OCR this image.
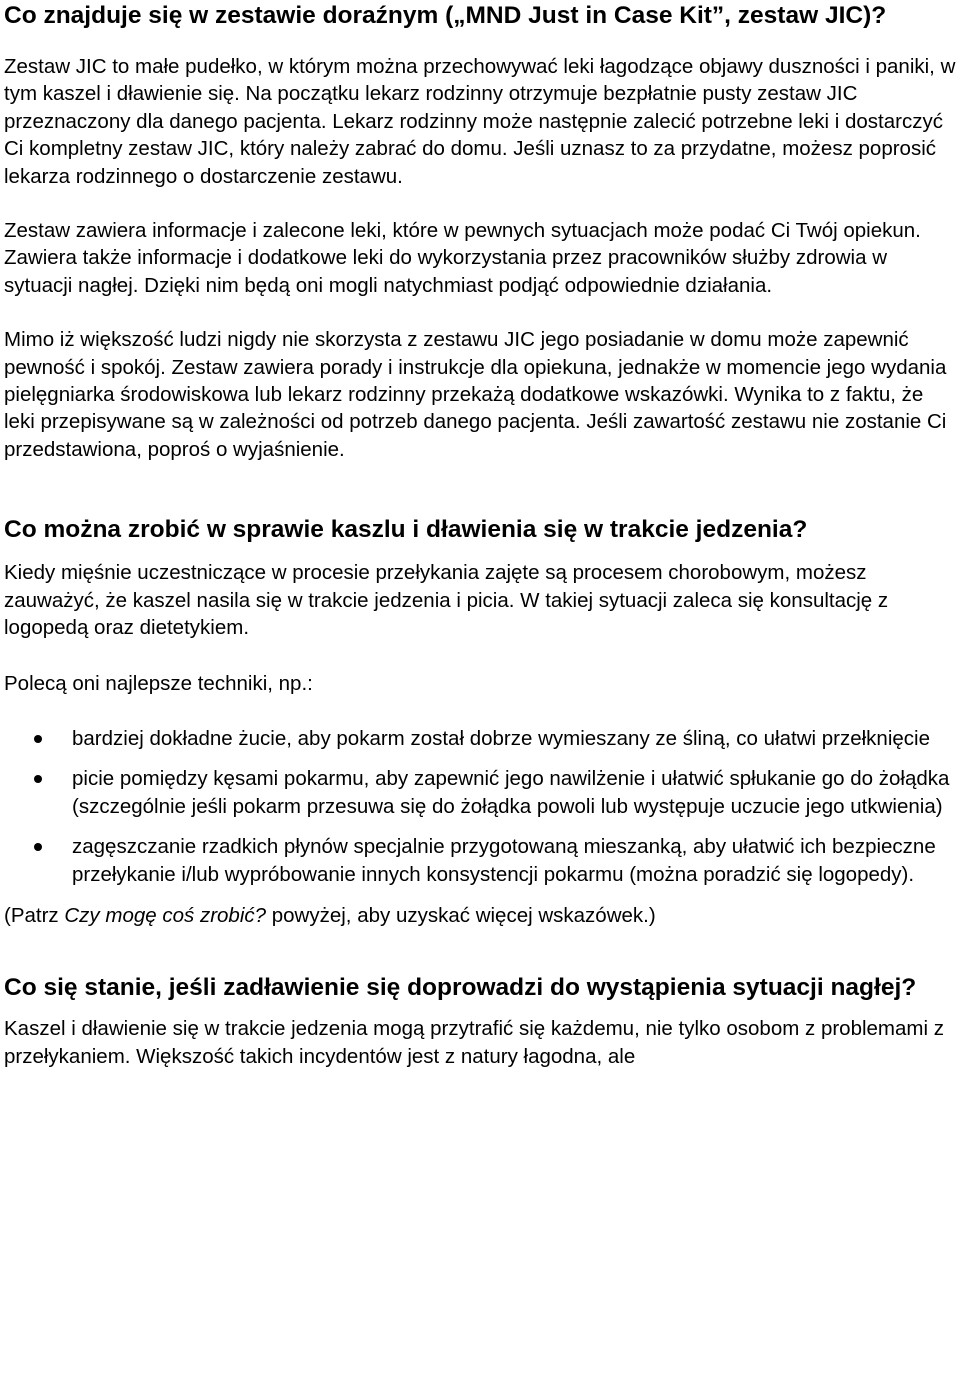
Co znajduje się w zestawie doraźnym („MND Just in Case Kit”, zestaw JIC)?

Zestaw JIC to małe pudełko, w którym można przechowywać leki łagodzące objawy duszności i paniki, w tym kaszel i dławienie się. Na początku lekarz rodzinny otrzymuje bezpłatnie pusty zestaw JIC przeznaczony dla danego pacjenta. Lekarz rodzinny może następnie zalecić potrzebne leki i dostarczyć Ci kompletny zestaw JIC, który należy zabrać do domu. Jeśli uznasz to za przydatne, możesz poprosić lekarza rodzinnego o dostarczenie zestawu.

Zestaw zawiera informacje i zalecone leki, które w pewnych sytuacjach może podać Ci Twój opiekun. Zawiera także informacje i dodatkowe leki do wykorzystania przez pracowników służby zdrowia w sytuacji nagłej. Dzięki nim będą oni mogli natychmiast podjąć odpowiednie działania.

Mimo iż większość ludzi nigdy nie skorzysta z zestawu JIC jego posiadanie w domu może zapewnić pewność i spokój. Zestaw zawiera porady i instrukcje dla opiekuna, jednakże w momencie jego wydania pielęgniarka środowiskowa lub lekarz rodzinny przekażą dodatkowe wskazówki. Wynika to z faktu, że leki przepisywane są w zależności od potrzeb danego pacjenta. Jeśli zawartość zestawu nie zostanie Ci przedstawiona, poproś o wyjaśnienie.

Co można zrobić w sprawie kaszlu i dławienia się w trakcie jedzenia?

Kiedy mięśnie uczestniczące w procesie przełykania zajęte są procesem chorobowym, możesz zauważyć, że kaszel nasila się w trakcie jedzenia i picia. W takiej sytuacji zaleca się konsultację z logopedą oraz dietetykiem.

Polecą oni najlepsze techniki, np.:

bardziej dokładne żucie, aby pokarm został dobrze wymieszany ze śliną, co ułatwi przełknięcie
picie pomiędzy kęsami pokarmu, aby zapewnić jego nawilżenie i ułatwić spłukanie go do żołądka (szczególnie jeśli pokarm przesuwa się do żołądka powoli lub występuje uczucie jego utkwienia)
zagęszczanie rzadkich płynów specjalnie przygotowaną mieszanką, aby ułatwić ich bezpieczne przełykanie i/lub wypróbowanie innych konsystencji pokarmu (można poradzić się logopedy).

(Patrz Czy mogę coś zrobić? powyżej, aby uzyskać więcej wskazówek.)

Co się stanie, jeśli zadławienie się doprowadzi do wystąpienia sytuacji nagłej?

Kaszel i dławienie się w trakcie jedzenia mogą przytrafić się każdemu, nie tylko osobom z problemami z przełykaniem. Większość takich incydentów jest z natury łagodna, ale
